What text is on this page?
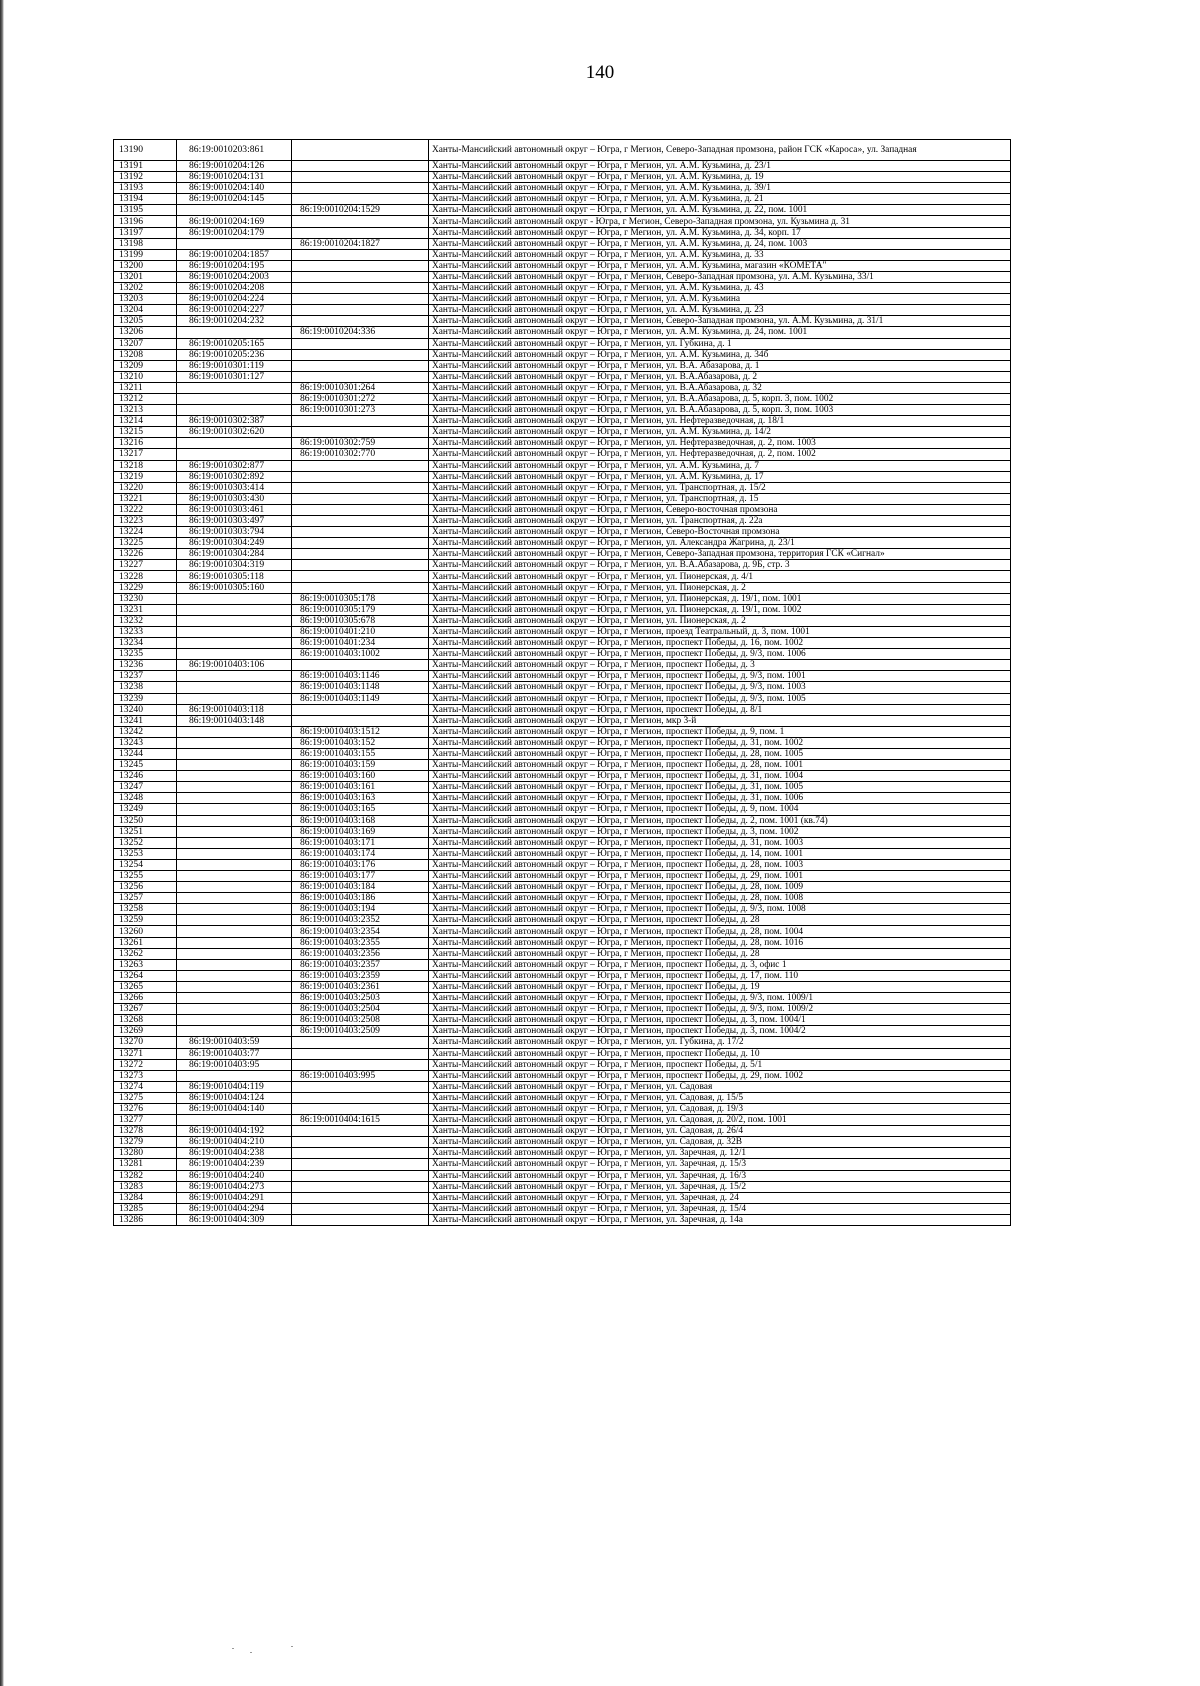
140
13190	86:19:0010203:861		Ханты-Мансийский автономный округ – Югра, г Мегион, Северо-Западная промзона, район ГСК «Кароса», ул. Западная
13191	86:19:0010204:126		Ханты-Мансийский автономный округ – Югра, г Мегион, ул. А.М. Кузьмина, д. 23/1
13192	86:19:0010204:131		Ханты-Мансийский автономный округ – Югра, г Мегион, ул. А.М. Кузьмина, д. 19
13193	86:19:0010204:140		Ханты-Мансийский автономный округ – Югра, г Мегион, ул. А.М. Кузьмина, д. 39/1
13194	86:19:0010204:145		Ханты-Мансийский автономный округ – Югра, г Мегион, ул. А.М. Кузьмина, д. 21
13195		86:19:0010204:1529	Ханты-Мансийский автономный округ – Югра, г Мегион, ул. А.М. Кузьмина, д. 22, пом. 1001
13196	86:19:0010204:169		Ханты-Мансийский автономный округ - Югра, г Мегион, Северо-Западная промзона, ул. Кузьмина д. 31
13197	86:19:0010204:179		Ханты-Мансийский автономный округ – Югра, г Мегион, ул. А.М. Кузьмина, д. 34, корп. 17
13198		86:19:0010204:1827	Ханты-Мансийский автономный округ – Югра, г Мегион, ул. А.М. Кузьмина, д. 24, пом. 1003
13199	86:19:0010204:1857		Ханты-Мансийский автономный округ – Югра, г Мегион, ул. А.М. Кузьмина, д. 33
13200	86:19:0010204:195		Ханты-Мансийский автономный округ – Югра, г Мегион, ул. А.М. Кузьмина, магазин «КОМЕТА"
13201	86:19:0010204:2003		Ханты-Мансийский автономный округ – Югра, г Мегион, Северо-Западная промзона, ул. А.М. Кузьмина, 33/1
13202	86:19:0010204:208		Ханты-Мансийский автономный округ – Югра, г Мегион, ул. А.М. Кузьмина, д. 43
13203	86:19:0010204:224		Ханты-Мансийский автономный округ – Югра, г Мегион, ул. А.М. Кузьмина
13204	86:19:0010204:227		Ханты-Мансийский автономный округ – Югра, г Мегион, ул. А.М. Кузьмина, д. 23
13205	86:19:0010204:232		Ханты-Мансийский автономный округ – Югра, г Мегион, Северо-Западная промзона, ул. А.М. Кузьмина, д. 31/1
13206		86:19:0010204:336	Ханты-Мансийский автономный округ – Югра, г Мегион, ул. А.М. Кузьмина, д. 24, пом. 1001
13207	86:19:0010205:165		Ханты-Мансийский автономный округ – Югра, г Мегион, ул. Губкина, д. 1
13208	86:19:0010205:236		Ханты-Мансийский автономный округ – Югра, г Мегион, ул. А.М. Кузьмина, д. 34б
13209	86:19:0010301:119		Ханты-Мансийский автономный округ – Югра, г Мегион, ул. В.А. Абазарова, д. 1
13210	86:19:0010301:127		Ханты-Мансийский автономный округ – Югра, г Мегион, ул. В.А.Абазарова, д. 2
13211		86:19:0010301:264	Ханты-Мансийский автономный округ – Югра, г Мегион, ул. В.А.Абазарова, д. 32
13212		86:19:0010301:272	Ханты-Мансийский автономный округ – Югра, г Мегион, ул. В.А.Абазарова, д. 5, корп. 3, пом. 1002
13213		86:19:0010301:273	Ханты-Мансийский автономный округ – Югра, г Мегион, ул. В.А.Абазарова, д. 5, корп. 3, пом. 1003
13214	86:19:0010302:387		Ханты-Мансийский автономный округ – Югра, г Мегион, ул. Нефтеразведочная, д. 18/1
13215	86:19:0010302:620		Ханты-Мансийский автономный округ – Югра, г Мегион, ул. А.М. Кузьмина, д. 14/2
13216		86:19:0010302:759	Ханты-Мансийский автономный округ – Югра, г Мегион, ул. Нефтеразведочная, д. 2, пом. 1003
13217		86:19:0010302:770	Ханты-Мансийский автономный округ – Югра, г Мегион, ул. Нефтеразведочная, д. 2, пом. 1002
13218	86:19:0010302:877		Ханты-Мансийский автономный округ – Югра, г Мегион, ул. А.М. Кузьмина, д. 7
13219	86:19:0010302:892		Ханты-Мансийский автономный округ – Югра, г Мегион, ул. А.М. Кузьмина, д. 17
13220	86:19:0010303:414		Ханты-Мансийский автономный округ – Югра, г Мегион, ул. Транспортная, д. 15/2
13221	86:19:0010303:430		Ханты-Мансийский автономный округ – Югра, г Мегион, ул. Транспортная, д. 15
13222	86:19:0010303:461		Ханты-Мансийский автономный округ – Югра, г Мегион, Северо-восточная промзона
13223	86:19:0010303:497		Ханты-Мансийский автономный округ – Югра, г Мегион, ул. Транспортная, д. 22а
13224	86:19:0010303:794		Ханты-Мансийский автономный округ – Югра, г Мегион, Северо-Восточная промзона
13225	86:19:0010304:249		Ханты-Мансийский автономный округ – Югра, г Мегион, ул. Александра Жагрина, д. 23/1
13226	86:19:0010304:284		Ханты-Мансийский автономный округ – Югра, г Мегион, Северо-Западная промзона, территория ГСК «Сигнал»
13227	86:19:0010304:319		Ханты-Мансийский автономный округ – Югра, г Мегион, ул. В.А.Абазарова, д. 9Б, стр. 3
13228	86:19:0010305:118		Ханты-Мансийский автономный округ – Югра, г Мегион, ул. Пионерская, д. 4/1
13229	86:19:0010305:160		Ханты-Мансийский автономный округ – Югра, г Мегион, ул. Пионерская, д. 2
13230		86:19:0010305:178	Ханты-Мансийский автономный округ – Югра, г Мегион, ул. Пионерская, д. 19/1, пом. 1001
13231		86:19:0010305:179	Ханты-Мансийский автономный округ – Югра, г Мегион, ул. Пионерская, д. 19/1, пом. 1002
13232		86:19:0010305:678	Ханты-Мансийский автономный округ – Югра, г Мегион, ул. Пионерская, д. 2
13233		86:19:0010401:210	Ханты-Мансийский автономный округ – Югра, г Мегион, проезд Театральный, д. 3, пом. 1001
13234		86:19:0010401:234	Ханты-Мансийский автономный округ – Югра, г Мегион, проспект Победы, д. 16, пом. 1002
13235		86:19:0010403:1002	Ханты-Мансийский автономный округ – Югра, г Мегион, проспект Победы, д. 9/3, пом. 1006
13236	86:19:0010403:106		Ханты-Мансийский автономный округ – Югра, г Мегион, проспект Победы, д. 3
13237		86:19:0010403:1146	Ханты-Мансийский автономный округ – Югра, г Мегион, проспект Победы, д. 9/3, пом. 1001
13238		86:19:0010403:1148	Ханты-Мансийский автономный округ – Югра, г Мегион, проспект Победы, д. 9/3, пом. 1003
13239		86:19:0010403:1149	Ханты-Мансийский автономный округ – Югра, г Мегион, проспект Победы, д. 9/3, пом. 1005
13240	86:19:0010403:118		Ханты-Мансийский автономный округ – Югра, г Мегион, проспект Победы, д. 8/1
13241	86:19:0010403:148		Ханты-Мансийский автономный округ – Югра, г Мегион, мкр 3-й
13242		86:19:0010403:1512	Ханты-Мансийский автономный округ – Югра, г Мегион, проспект Победы, д. 9, пом. 1
13243		86:19:0010403:152	Ханты-Мансийский автономный округ – Югра, г Мегион, проспект Победы, д. 31, пом. 1002
13244		86:19:0010403:155	Ханты-Мансийский автономный округ – Югра, г Мегион, проспект Победы, д. 28, пом. 1005
13245		86:19:0010403:159	Ханты-Мансийский автономный округ – Югра, г Мегион, проспект Победы, д. 28, пом. 1001
13246		86:19:0010403:160	Ханты-Мансийский автономный округ – Югра, г Мегион, проспект Победы, д. 31, пом. 1004
13247		86:19:0010403:161	Ханты-Мансийский автономный округ – Югра, г Мегион, проспект Победы, д. 31, пом. 1005
13248		86:19:0010403:163	Ханты-Мансийский автономный округ – Югра, г Мегион, проспект Победы, д. 31, пом. 1006
13249		86:19:0010403:165	Ханты-Мансийский автономный округ – Югра, г Мегион, проспект Победы, д. 9, пом. 1004
13250		86:19:0010403:168	Ханты-Мансийский автономный округ – Югра, г Мегион, проспект Победы, д. 2, пом. 1001 (кв.74)
13251		86:19:0010403:169	Ханты-Мансийский автономный округ – Югра, г Мегион, проспект Победы, д. 3, пом. 1002
13252		86:19:0010403:171	Ханты-Мансийский автономный округ – Югра, г Мегион, проспект Победы, д. 31, пом. 1003
13253		86:19:0010403:174	Ханты-Мансийский автономный округ – Югра, г Мегион, проспект Победы, д. 14, пом. 1001
13254		86:19:0010403:176	Ханты-Мансийский автономный округ – Югра, г Мегион, проспект Победы, д. 28, пом. 1003
13255		86:19:0010403:177	Ханты-Мансийский автономный округ – Югра, г Мегион, проспект Победы, д. 29, пом. 1001
13256		86:19:0010403:184	Ханты-Мансийский автономный округ – Югра, г Мегион, проспект Победы, д. 28, пом. 1009
13257		86:19:0010403:186	Ханты-Мансийский автономный округ – Югра, г Мегион, проспект Победы, д. 28, пом. 1008
13258		86:19:0010403:194	Ханты-Мансийский автономный округ – Югра, г Мегион, проспект Победы, д. 9/3, пом. 1008
13259		86:19:0010403:2352	Ханты-Мансийский автономный округ – Югра, г Мегион, проспект Победы, д. 28
13260		86:19:0010403:2354	Ханты-Мансийский автономный округ – Югра, г Мегион, проспект Победы, д. 28, пом. 1004
13261		86:19:0010403:2355	Ханты-Мансийский автономный округ – Югра, г Мегион, проспект Победы, д. 28, пом. 1016
13262		86:19:0010403:2356	Ханты-Мансийский автономный округ – Югра, г Мегион, проспект Победы, д. 28
13263		86:19:0010403:2357	Ханты-Мансийский автономный округ – Югра, г Мегион, проспект Победы, д. 3, офис 1
13264		86:19:0010403:2359	Ханты-Мансийский автономный округ – Югра, г Мегион, проспект Победы, д. 17, пом. 110
13265		86:19:0010403:2361	Ханты-Мансийский автономный округ – Югра, г Мегион, проспект Победы, д. 19
13266		86:19:0010403:2503	Ханты-Мансийский автономный округ – Югра, г Мегион, проспект Победы, д. 9/3, пом. 1009/1
13267		86:19:0010403:2504	Ханты-Мансийский автономный округ – Югра, г Мегион, проспект Победы, д. 9/3, пом. 1009/2
13268		86:19:0010403:2508	Ханты-Мансийский автономный округ – Югра, г Мегион, проспект Победы, д. 3, пом. 1004/1
13269		86:19:0010403:2509	Ханты-Мансийский автономный округ – Югра, г Мегион, проспект Победы, д. 3, пом. 1004/2
13270	86:19:0010403:59		Ханты-Мансийский автономный округ – Югра, г Мегион, ул. Губкина, д. 17/2
13271	86:19:0010403:77		Ханты-Мансийский автономный округ – Югра, г Мегион, проспект Победы, д. 10
13272	86:19:0010403:95		Ханты-Мансийский автономный округ – Югра, г Мегион, проспект Победы, д. 5/1
13273		86:19:0010403:995	Ханты-Мансийский автономный округ – Югра, г Мегион, проспект Победы, д. 29, пом. 1002
13274	86:19:0010404:119		Ханты-Мансийский автономный округ – Югра, г Мегион, ул. Садовая
13275	86:19:0010404:124		Ханты-Мансийский автономный округ – Югра, г Мегион, ул. Садовая, д. 15/5
13276	86:19:0010404:140		Ханты-Мансийский автономный округ – Югра, г Мегион, ул. Садовая, д. 19/3
13277		86:19:0010404:1615	Ханты-Мансийский автономный округ – Югра, г Мегион, ул. Садовая, д. 20/2, пом. 1001
13278	86:19:0010404:192		Ханты-Мансийский автономный округ – Югра, г Мегион, ул. Садовая, д. 26/4
13279	86:19:0010404:210		Ханты-Мансийский автономный округ – Югра, г Мегион, ул. Садовая, д. 32В
13280	86:19:0010404:238		Ханты-Мансийский автономный округ – Югра, г Мегион, ул. Заречная, д. 12/1
13281	86:19:0010404:239		Ханты-Мансийский автономный округ – Югра, г Мегион, ул. Заречная, д. 15/3
13282	86:19:0010404:240		Ханты-Мансийский автономный округ – Югра, г Мегион, ул. Заречная, д. 16/3
13283	86:19:0010404:273		Ханты-Мансийский автономный округ – Югра, г Мегион, ул. Заречная, д. 15/2
13284	86:19:0010404:291		Ханты-Мансийский автономный округ – Югра, г Мегион, ул. Заречная, д. 24
13285	86:19:0010404:294		Ханты-Мансийский автономный округ – Югра, г Мегион, ул. Заречная, д. 15/4
13286	86:19:0010404:309		Ханты-Мансийский автономный округ – Югра, г Мегион, ул. Заречная, д. 14а
